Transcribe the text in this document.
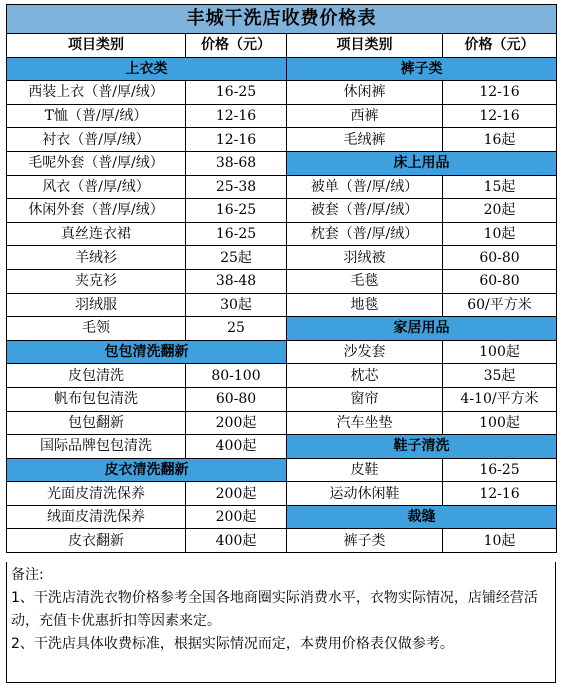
丰城干洗店收费价格表			
项目类别	价格（元）	项目类别	价格（元）
上衣类		裤子类	
西装上衣（普/厚/绒）	16-25	休闲裤	12-16
T恤（普/厚/绒）	12-16	西裤	12-16
衬衣（普/厚/绒）	12-16	毛绒裤	16起
毛呢外套（普/厚/绒）	38-68	床上用品	
风衣（普/厚/绒）	25-38	被单（普/厚/绒）	15起
休闲外套（普/厚/绒）	16-25	被套（普/厚/绒）	20起
真丝连衣裙	16-25	枕套（普/厚/绒）	10起
羊绒衫	25起	羽绒被	60-80
夹克衫	38-48	毛毯	60-80
羽绒服	30起	地毯	60/平方米
毛领	25	家居用品	
包包清洗翻新		沙发套	100起
皮包清洗	80-100	枕芯	35起
帆布包包清洗	60-80	窗帘	4-10/平方米
包包翻新	200起	汽车坐垫	100起
国际品牌包包清洗	400起	鞋子清洗	
皮衣清洗翻新		皮鞋	16-25
光面皮清洗保养	200起	运动休闲鞋	12-16
绒面皮清洗保养	200起	裁缝	
皮衣翻新	400起	裤子类	10起

备注:

1、干洗店清洗衣物价格参考全国各地商圈实际消费水平，衣物实际情况，店铺经营活动，充值卡优惠折扣等因素来定。

2、干洗店具体收费标准，根据实际情况而定，本费用价格表仅做参考。
